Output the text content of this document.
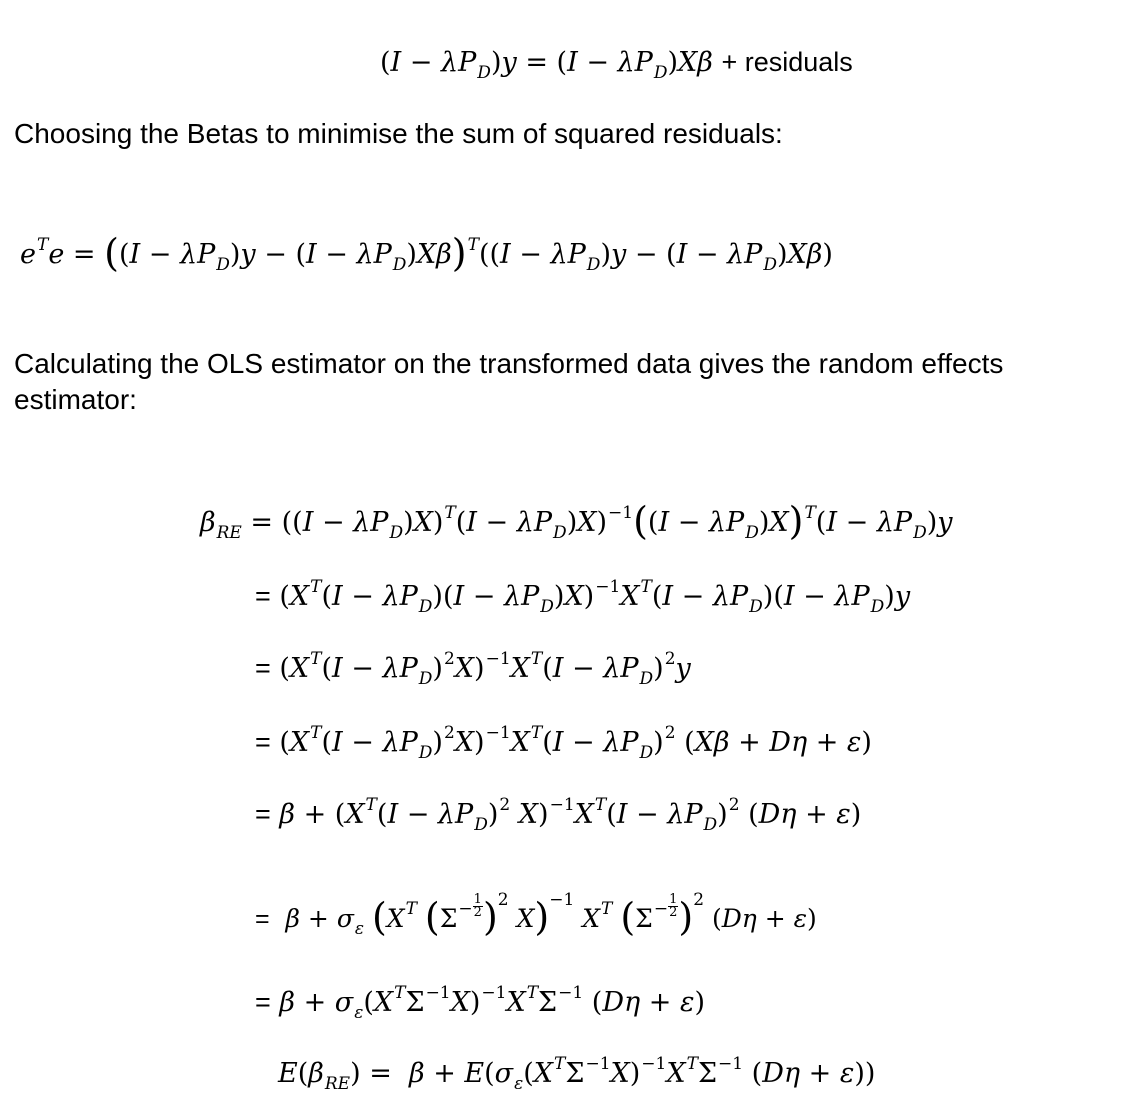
$(I - \lambda P_D)y = (I - \lambda P_D)X\beta$ + residuals
Choosing the Betas to minimise the sum of squared residuals:
$e^Te = ((I - \lambda P_D)y - (I - \lambda P_D)X\beta)^T((I - \lambda P_D)y - (I - \lambda P_D)X\beta)$
Calculating the OLS estimator on the transformed data gives the random effects
estimator:
$\beta_{RE} = ((I - \lambda P_D)X)^T(I - \lambda P_D)X)^{-1}((I - \lambda P_D)X)^T(I - \lambda P_D)y$
= $(X^T(I - \lambda P_D)(I - \lambda P_D)X)^{-1}X^T(I - \lambda P_D)(I - \lambda P_D)y$
= $(X^T(I - \lambda P_D)^2X)^{-1}X^T(I - \lambda P_D)^2y$
= $(X^T(I - \lambda P_D)^2X)^{-1}X^T(I - \lambda P_D)^2$ (Xβ + Dη + ε)
= $\beta + (X^T(I - \lambda P_D)^2$ $X)^{-1}X^T(I - \lambda P_D)^2$ (Dη + ε)
= $\beta + \sigma_\varepsilon$ ($X^T$ $(\Sigma^- \frac{1}{2} )^2$ X)$^{-1}$ $X^T$ $(\Sigma^- \frac{1}{2} )^2$ (Dη + ε)
= $\beta + \sigma_\varepsilon(X^T\Sigma^{-1}X)^{-1}X^T\Sigma^{-1}$ (Dη + ε)
$E(\beta_{RE}) = \beta + E(\sigma_\varepsilon(X^T\Sigma^{-1}X)^{-1}X^T\Sigma^{-1}$ (Dη + ε))
